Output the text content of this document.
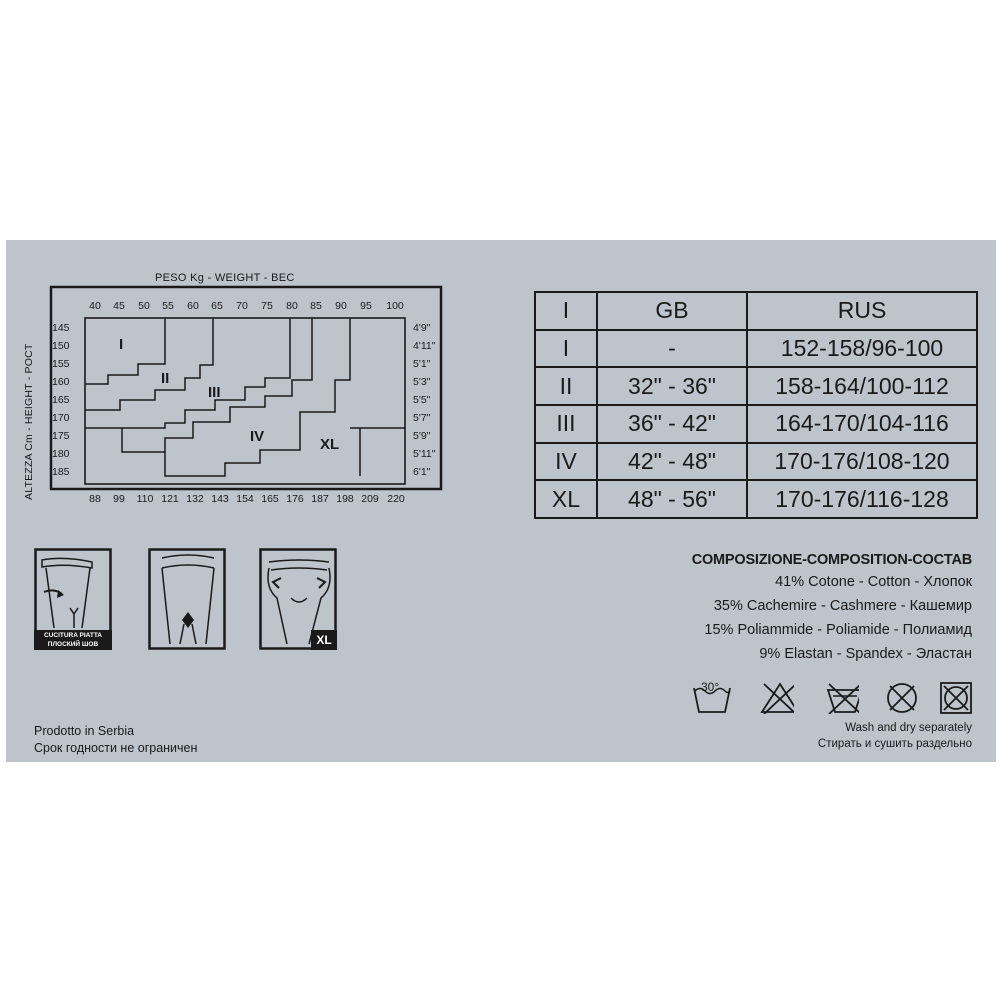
PESO Kg - WEIGHT - BEC
ALTEZZA Cm - HEIGHT - POCT
40	45	50	55	60	65	70	75	80	85	90	95	100
88	99	110 121 132 143 154 165 176 187 198 209 220
145
150
155
160
165
170
175
180
185
4'9"
4'11"
5'1"
5'3"
5'5"
5'7"
5'9"
5'11"
6'1"
I
II
III
IV	XL
I	GB	RUS
I	-	152-158/96-100
II	32" - 36"	158-164/100-112
III	36" - 42"	164-170/104-116
IV	42" - 48"	170-176/108-120
XL	48" - 56"	170-176/116-128
CUCITURA PIATTA
ПЛОСКИЙ ШОВ	XL
COMPOSIZIONE-COMPOSITION-COCTAB
41% Cotone - Cotton - Хлопок
35% Cachemire - Cashmere - Кашемир
15% Poliammide - Poliamide - Полиамид
9% Elastan - Spandex - Эластан
30°
Wash and dry separately
Стирать и сушить раздельно
Prodotto in Serbia
Срок годности не ограничен
